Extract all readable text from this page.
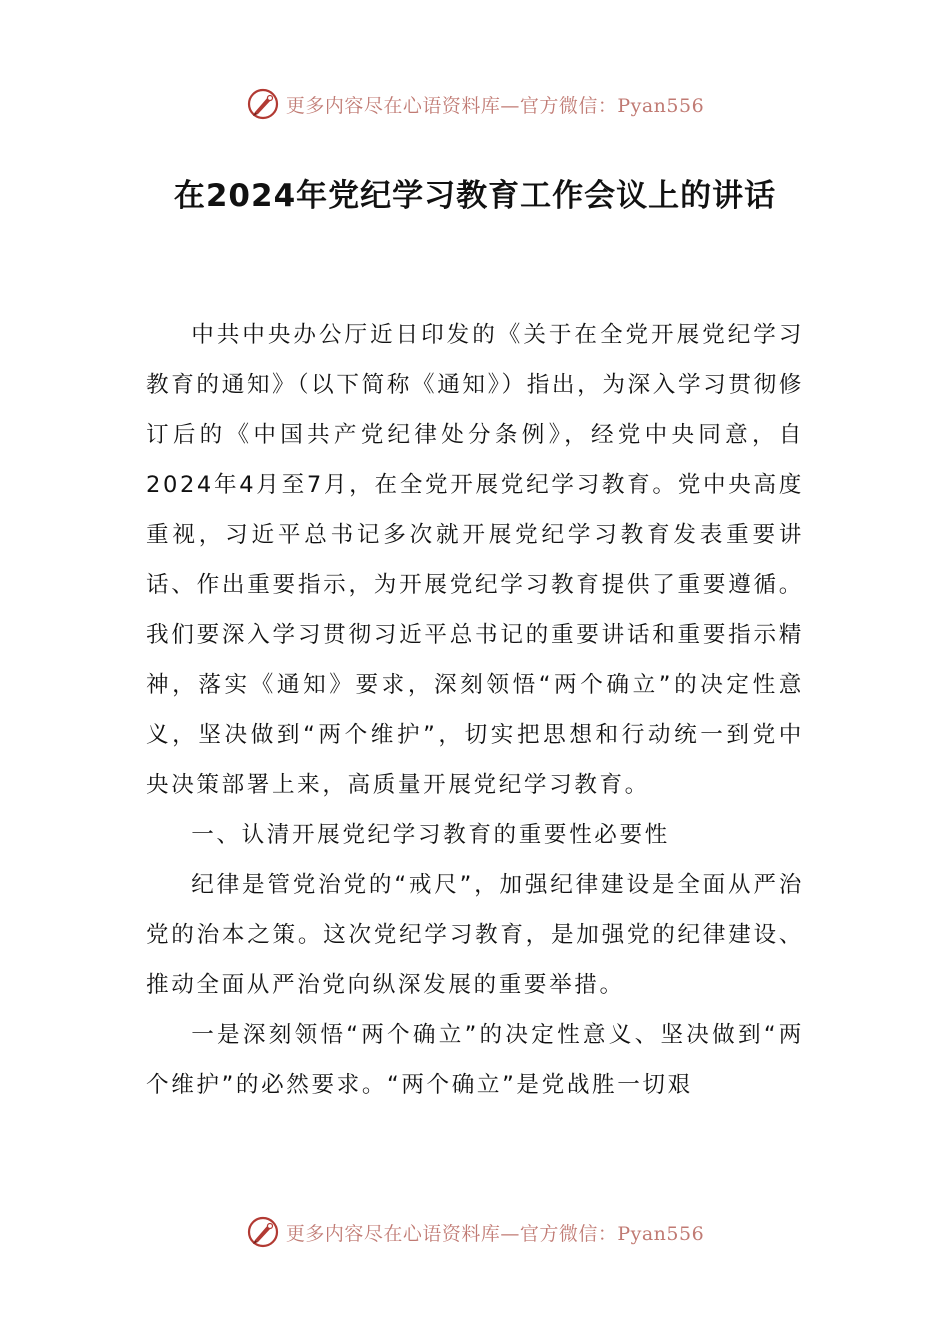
更多内容尽在心语资料库—官方微信：Pyan556
在2024年党纪学习教育工作会议上的讲话

中共中央办公厅近日印发的《关于在全党开展党纪学习教育的通知》（以下简称《通知》）指出，为深入学习贯彻修订后的《中国共产党纪律处分条例》，经党中央同意，自2024年4月至7月，在全党开展党纪学习教育。党中央高度重视，习近平总书记多次就开展党纪学习教育发表重要讲话、作出重要指示，为开展党纪学习教育提供了重要遵循。我们要深入学习贯彻习近平总书记的重要讲话和重要指示精神，落实《通知》要求，深刻领悟“两个确立”的决定性意义，坚决做到“两个维护”，切实把思想和行动统一到党中央决策部署上来，高质量开展党纪学习教育。

一、认清开展党纪学习教育的重要性必要性

纪律是管党治党的“戒尺”，加强纪律建设是全面从严治党的治本之策。这次党纪学习教育，是加强党的纪律建设、推动全面从严治党向纵深发展的重要举措。

一是深刻领悟“两个确立”的决定性意义、坚决做到“两个维护”的必然要求。“两个确立”是党战胜一切艰

更多内容尽在心语资料库—官方微信：Pyan556
